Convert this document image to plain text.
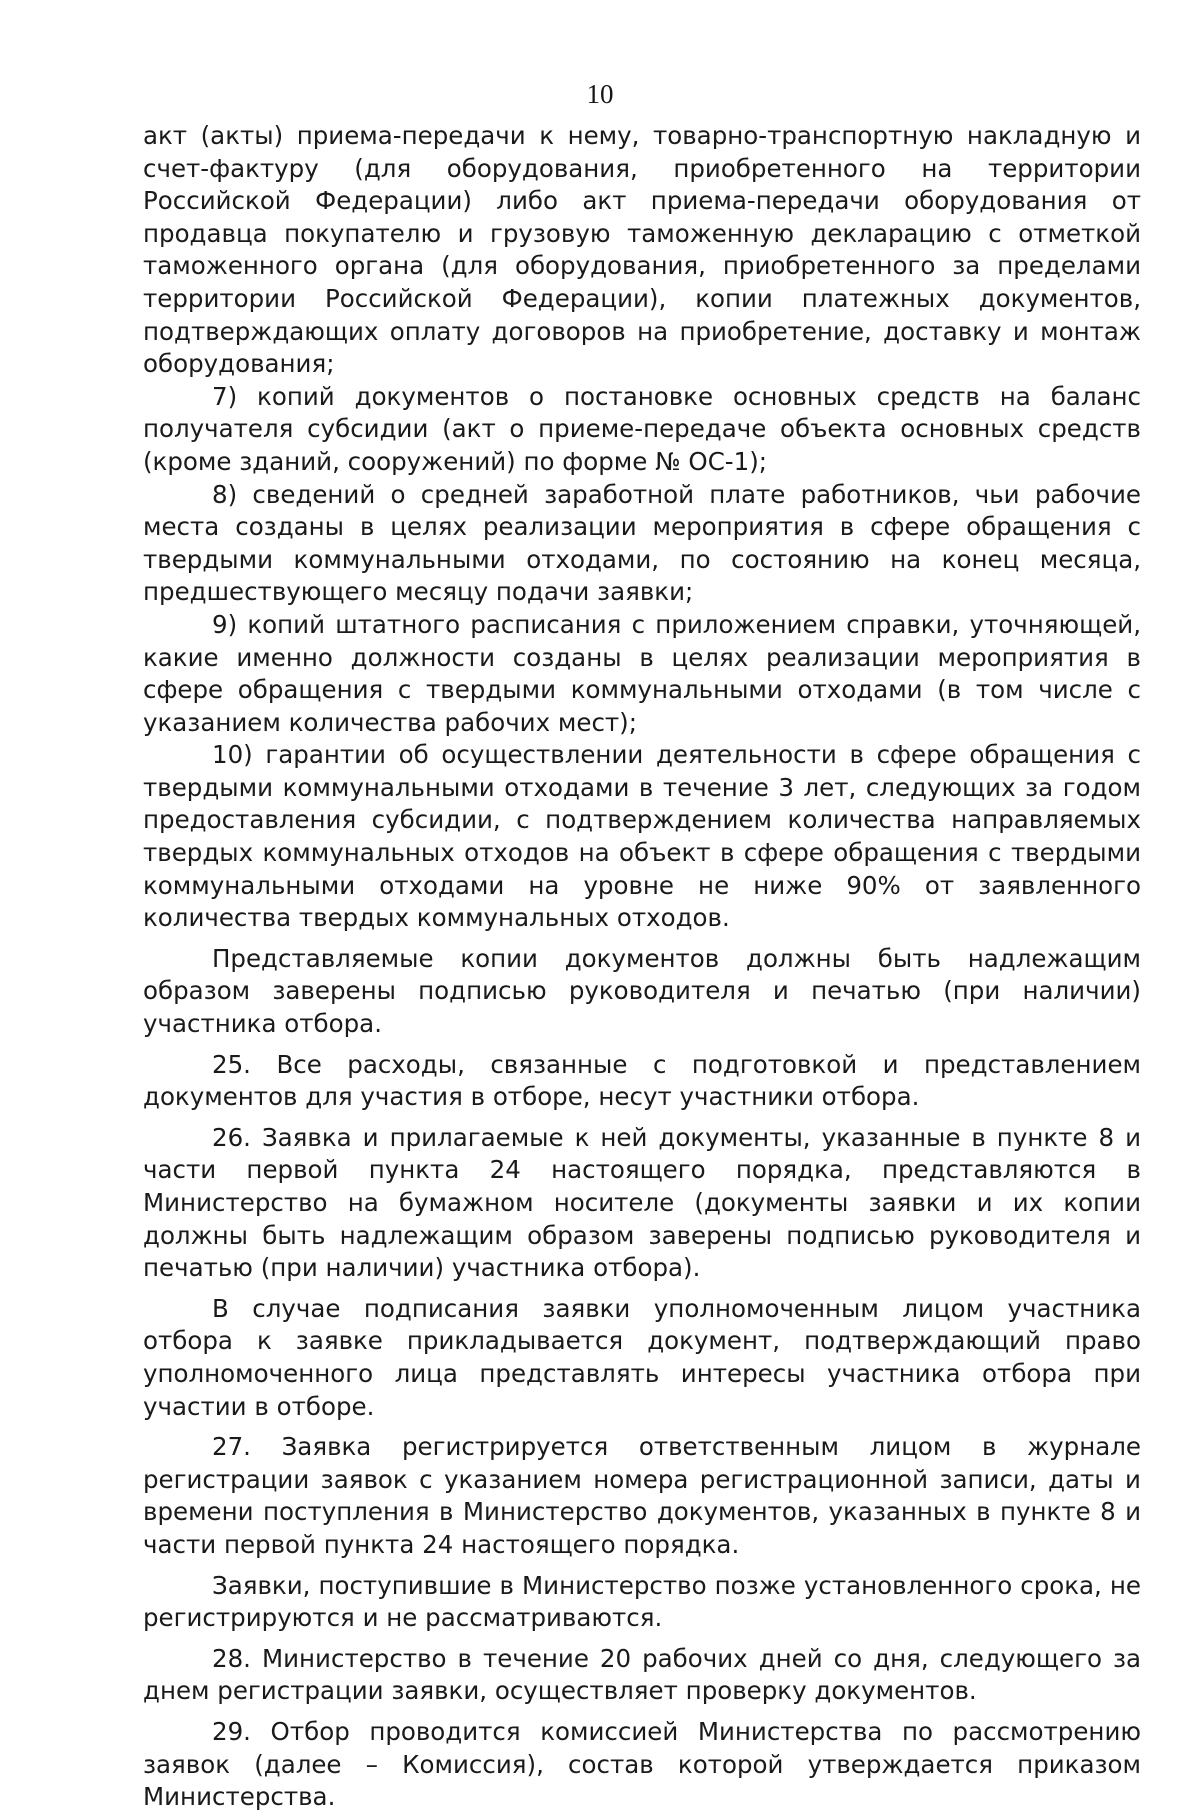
10

акт (акты) приема-передачи к нему, товарно-транспортную накладную и счет-фактуру (для оборудования, приобретенного на территории Российской Федерации) либо акт приема-передачи оборудования от продавца покупателю и грузовую таможенную декларацию с отметкой таможенного органа (для оборудования, приобретенного за пределами территории Российской Федерации), копии платежных документов, подтверждающих оплату договоров на приобретение, доставку и монтаж оборудования;

7) копий документов о постановке основных средств на баланс получателя субсидии (акт о приеме-передаче объекта основных средств (кроме зданий, сооружений) по форме № ОС-1);

8) сведений о средней заработной плате работников, чьи рабочие места созданы в целях реализации мероприятия в сфере обращения с твердыми коммунальными отходами, по состоянию на конец месяца, предшествующего месяцу подачи заявки;

9) копий штатного расписания с приложением справки, уточняющей, какие именно должности созданы в целях реализации мероприятия в сфере обращения с твердыми коммунальными отходами (в том числе с указанием количества рабочих мест);

10) гарантии об осуществлении деятельности в сфере обращения с твердыми коммунальными отходами в течение 3 лет, следующих за годом предоставления субсидии, с подтверждением количества направляемых твердых коммунальных отходов на объект в сфере обращения с твердыми коммунальными отходами на уровне не ниже 90% от заявленного количества твердых коммунальных отходов.

Представляемые копии документов должны быть надлежащим образом заверены подписью руководителя и печатью (при наличии) участника отбора.

25. Все расходы, связанные с подготовкой и представлением документов для участия в отборе, несут участники отбора.

26. Заявка и прилагаемые к ней документы, указанные в пункте 8 и части первой пункта 24 настоящего порядка, представляются в Министерство на бумажном носителе (документы заявки и их копии должны быть надлежащим образом заверены подписью руководителя и печатью (при наличии) участника отбора).

В случае подписания заявки уполномоченным лицом участника отбора к заявке прикладывается документ, подтверждающий право уполномоченного лица представлять интересы участника отбора при участии в отборе.

27. Заявка регистрируется ответственным лицом в журнале регистрации заявок с указанием номера регистрационной записи, даты и времени поступления в Министерство документов, указанных в пункте 8 и части первой пункта 24 настоящего порядка.

Заявки, поступившие в Министерство позже установленного срока, не регистрируются и не рассматриваются.

28. Министерство в течение 20 рабочих дней со дня, следующего за днем регистрации заявки, осуществляет проверку документов.

29. Отбор проводится комиссией Министерства по рассмотрению заявок (далее – Комиссия), состав которой утверждается приказом Министерства.
